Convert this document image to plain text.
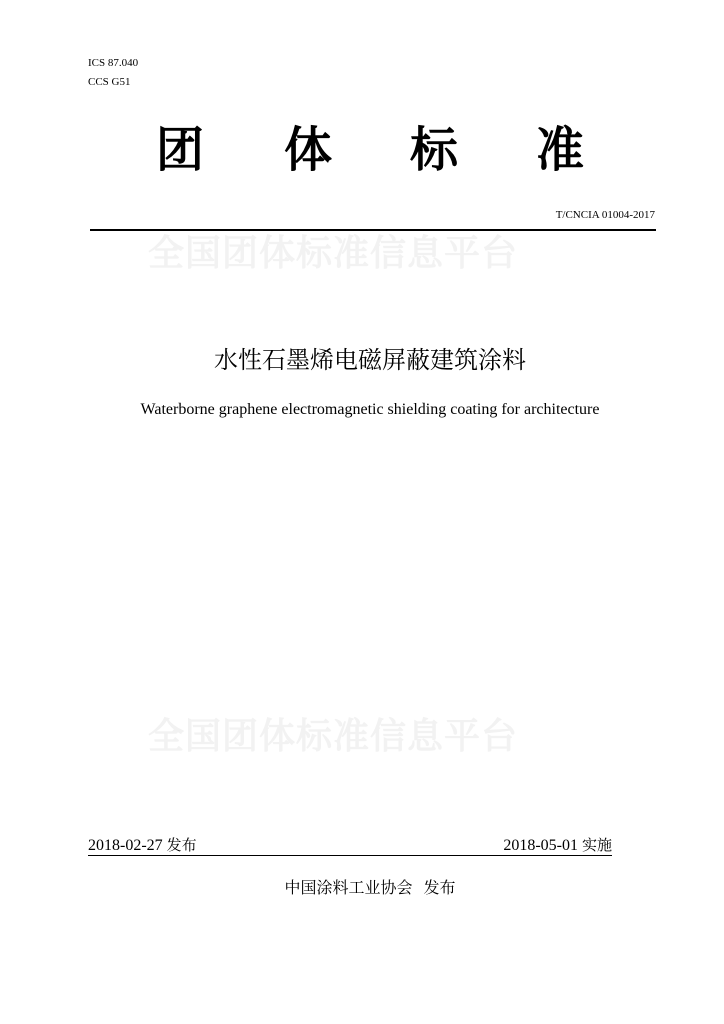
ICS 87.040
CCS G51
团 体 标 准
T/CNCIA 01004-2017
全国团体标准信息平台
水性石墨烯电磁屏蔽建筑涂料
Waterborne graphene electromagnetic shielding coating for architecture
全国团体标准信息平台
2018-02-27 发布	2018-05-01 实施
中国涂料工业协会 发布
